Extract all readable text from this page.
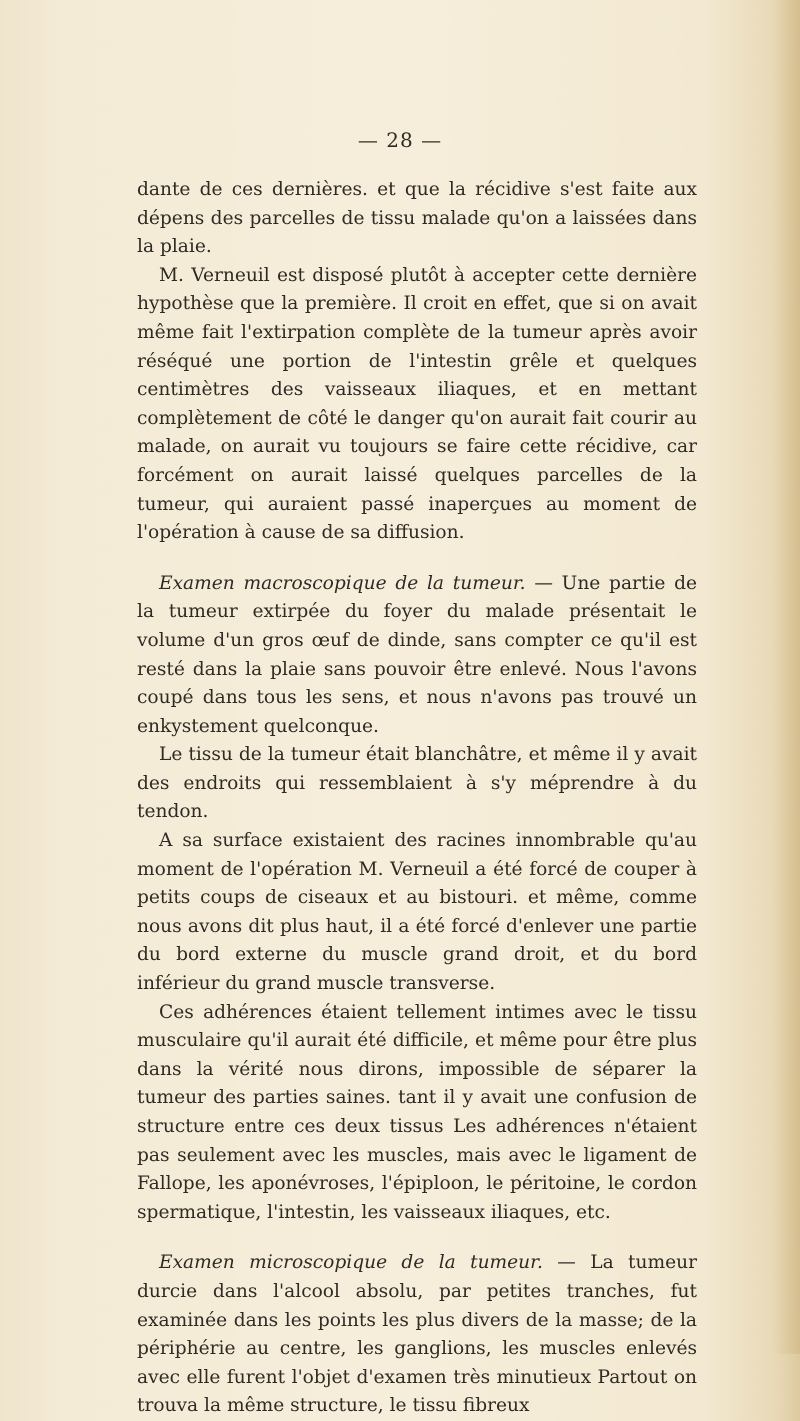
— 28 —

dante de ces dernières. et que la récidive s'est faite aux dépens des parcelles de tissu malade qu'on a laissées dans la plaie.

M. Verneuil est disposé plutôt à accepter cette dernière hypothèse que la première. Il croit en effet, que si on avait même fait l'extirpation complète de la tumeur après avoir réséqué une portion de l'intestin grêle et quelques centimètres des vaisseaux iliaques, et en mettant complètement de côté le danger qu'on aurait fait courir au malade, on aurait vu toujours se faire cette récidive, car forcément on aurait laissé quelques parcelles de la tumeur, qui auraient passé inaperçues au moment de l'opération à cause de sa diffusion.

Examen macroscopique de la tumeur. — Une partie de la tumeur extirpée du foyer du malade présentait le volume d'un gros œuf de dinde, sans compter ce qu'il est resté dans la plaie sans pouvoir être enlevé. Nous l'avons coupé dans tous les sens, et nous n'avons pas trouvé un enkystement quelconque.

Le tissu de la tumeur était blanchâtre, et même il y avait des endroits qui ressemblaient à s'y méprendre à du tendon.

A sa surface existaient des racines innombrable qu'au moment de l'opération M. Verneuil a été forcé de couper à petits coups de ciseaux et au bistouri. et même, comme nous avons dit plus haut, il a été forcé d'enlever une partie du bord externe du muscle grand droit, et du bord inférieur du grand muscle transverse.

Ces adhérences étaient tellement intimes avec le tissu musculaire qu'il aurait été difficile, et même pour être plus dans la vérité nous dirons, impossible de séparer la tumeur des parties saines. tant il y avait une confusion de structure entre ces deux tissus Les adhérences n'étaient pas seulement avec les muscles, mais avec le ligament de Fallope, les aponévroses, l'épiploon, le péritoine, le cordon spermatique, l'intestin, les vaisseaux iliaques, etc.

Examen microscopique de la tumeur. — La tumeur durcie dans l'alcool absolu, par petites tranches, fut examinée dans les points les plus divers de la masse; de la périphérie au centre, les ganglions, les muscles enlevés avec elle furent l'objet d'examen très minutieux Partout on trouva la même structure, le tissu fibreux
